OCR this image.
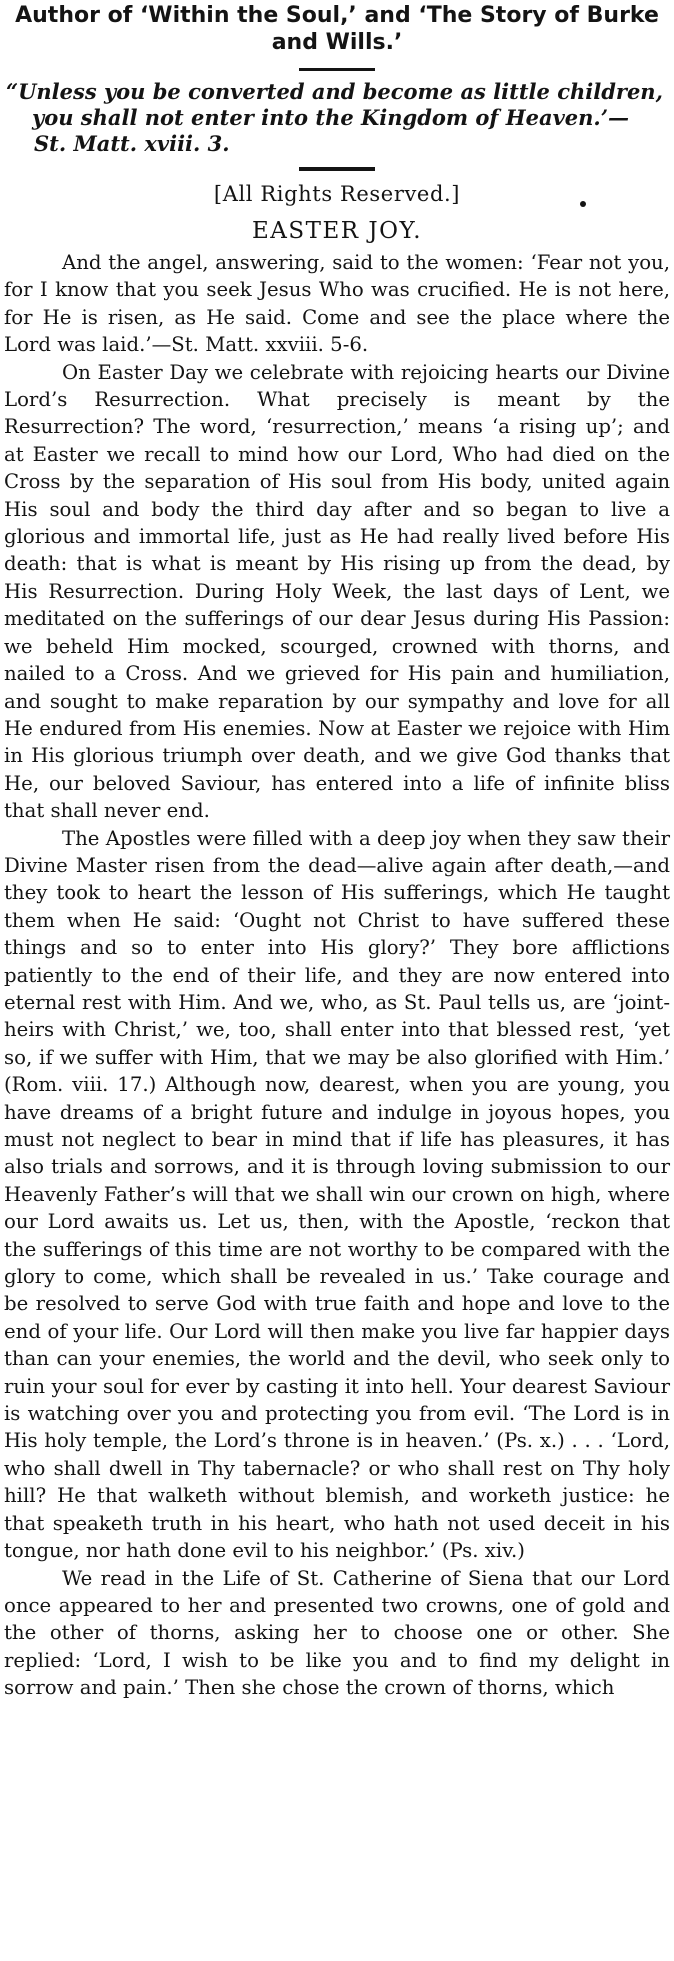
Author of ‘Within the Soul,’ and ‘The Story of Burke and Wills.’

“Unless you be converted and become as little children, you shall not enter into the Kingdom of Heaven.’—
St. Matt. xviii. 3.

[All Rights Reserved.]
EASTER JOY.

And the angel, answering, said to the women: ‘Fear not you, for I know that you seek Jesus Who was crucified. He is not here, for He is risen, as He said. Come and see the place where the Lord was laid.’—St. Matt. xxviii. 5-6.

On Easter Day we celebrate with rejoicing hearts our Divine Lord’s Resurrection. What precisely is meant by the Resurrection? The word, ‘resurrection,’ means ‘a rising up’; and at Easter we recall to mind how our Lord, Who had died on the Cross by the separation of His soul from His body, united again His soul and body the third day after and so began to live a glorious and immortal life, just as He had really lived before His death: that is what is meant by His rising up from the dead, by His Resurrection. During Holy Week, the last days of Lent, we meditated on the sufferings of our dear Jesus during His Passion: we beheld Him mocked, scourged, crowned with thorns, and nailed to a Cross. And we grieved for His pain and humiliation, and sought to make reparation by our sympathy and love for all He endured from His enemies. Now at Easter we rejoice with Him in His glorious triumph over death, and we give God thanks that He, our beloved Saviour, has entered into a life of infinite bliss that shall never end.

The Apostles were filled with a deep joy when they saw their Divine Master risen from the dead—alive again after death,—and they took to heart the lesson of His sufferings, which He taught them when He said: ‘Ought not Christ to have suffered these things and so to enter into His glory?’ They bore afflictions patiently to the end of their life, and they are now entered into eternal rest with Him. And we, who, as St. Paul tells us, are ‘joint-heirs with Christ,’ we, too, shall enter into that blessed rest, ‘yet so, if we suffer with Him, that we may be also glorified with Him.’ (Rom. viii. 17.) Although now, dearest, when you are young, you have dreams of a bright future and indulge in joyous hopes, you must not neglect to bear in mind that if life has pleasures, it has also trials and sorrows, and it is through loving submission to our Heavenly Father’s will that we shall win our crown on high, where our Lord awaits us. Let us, then, with the Apostle, ‘reckon that the sufferings of this time are not worthy to be compared with the glory to come, which shall be revealed in us.’ Take courage and be resolved to serve God with true faith and hope and love to the end of your life. Our Lord will then make you live far happier days than can your enemies, the world and the devil, who seek only to ruin your soul for ever by casting it into hell. Your dearest Saviour is watching over you and protecting you from evil. ‘The Lord is in His holy temple, the Lord’s throne is in heaven.’ (Ps. x.) . . . ‘Lord, who shall dwell in Thy tabernacle? or who shall rest on Thy holy hill? He that walketh without blemish, and worketh justice: he that speaketh truth in his heart, who hath not used deceit in his tongue, nor hath done evil to his neighbor.’ (Ps. xiv.)

We read in the Life of St. Catherine of Siena that our Lord once appeared to her and presented two crowns, one of gold and the other of thorns, asking her to choose one or other. She replied: ‘Lord, I wish to be like you and to find my delight in sorrow and pain.’ Then she chose the crown of thorns, which
